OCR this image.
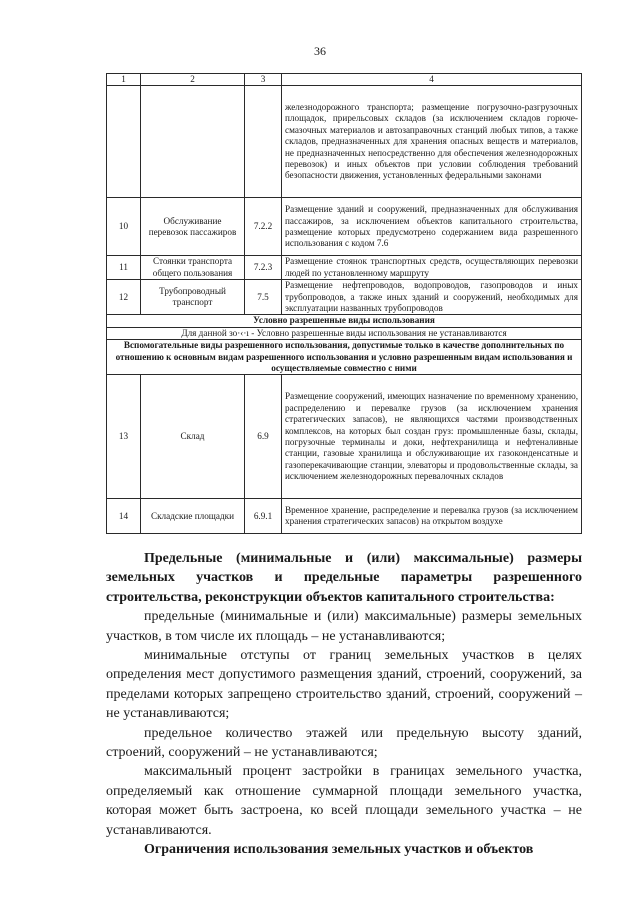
36
1	2	3	4
			железнодорожного транспорта; размещение погрузочно-разгрузочных площадок, прирельсовых складов (за исключением складов горюче-смазочных материалов и автозаправочных станций любых типов, а также складов, предназначенных для хранения опасных веществ и материалов, не предназначенных непосредственно для обеспечения железнодорожных перевозок) и иных объектов при условии соблюдения требований безопасности движения, установленных федеральными законами
10	Обслуживание перевозок пассажиров	7.2.2	Размещение зданий и сооружений, предназначенных для обслуживания пассажиров, за исключением объектов капитального строительства, размещение которых предусмотрено содержанием вида разрешенного использования с кодом 7.6
11	Стоянки транспорта общего пользования	7.2.3	Размещение стоянок транспортных средств, осуществляющих перевозки людей по установленному маршруту
12	Трубопроводный транспорт	7.5	Размещение нефтепроводов, водопроводов, газопроводов и иных трубопроводов, а также иных зданий и сооружений, необходимых для эксплуатации названных трубопроводов
Условно разрешенные виды использования			
Для данной зо·‹·ı - Условно разрешенные виды использования не устанавливаются			
Вспомогательные виды разрешенного использования, допустимые только в качестве дополнительных по отношению к основным видам разрешенного использования и условно разрешенным видам использования и осуществляемые совместно с ними			
13	Склад	6.9	Размещение сооружений, имеющих назначение по временному хранению, распределению и перевалке грузов (за исключением хранения стратегических запасов), не являющихся частями производственных комплексов, на которых был создан груз: промышленные базы, склады, погрузочные терминалы и доки, нефтехранилища и нефтеналивные станции, газовые хранилища и обслуживающие их газоконденсатные и газоперекачивающие станции, элеваторы и продовольственные склады, за исключением железнодорожных перевалочных складов
14	Складские площадки	6.9.1	Временное хранение, распределение и перевалка грузов (за исключением хранения стратегических запасов) на открытом воздухе

Предельные (минимальные и (или) максимальные) размеры земельных участков и предельные параметры разрешенного строительства, реконструкции объектов капитального строительства:

предельные (минимальные и (или) максимальные) размеры земельных участков, в том числе их площадь – не устанавливаются;

минимальные отступы от границ земельных участков в целях определения мест допустимого размещения зданий, строений, сооружений, за пределами которых запрещено строительство зданий, строений, сооружений – не устанавливаются;

предельное количество этажей или предельную высоту зданий, строений, сооружений – не устанавливаются;

максимальный процент застройки в границах земельного участка, определяемый как отношение суммарной площади земельного участка, которая может быть застроена, ко всей площади земельного участка – не устанавливаются.

Ограничения использования земельных участков и объектов
